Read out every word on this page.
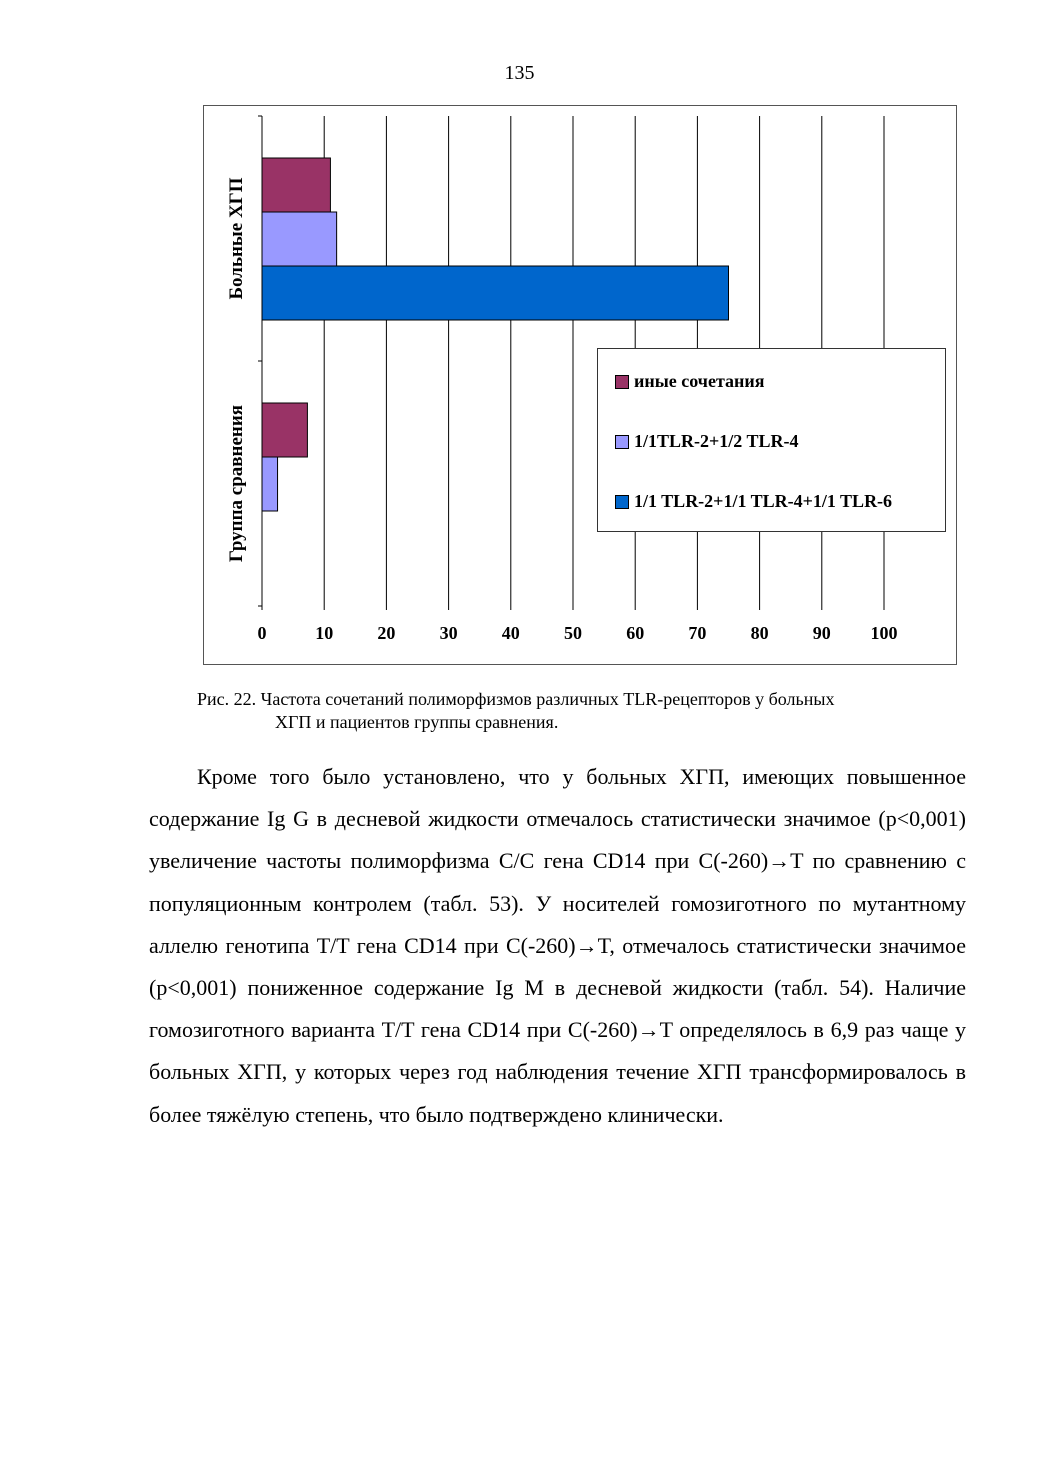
135
0	10 20 30 40 50 60 70 80 90 100
Больные ХГП
Группа сравнения
иные сочетания
1/1TLR-2+1/2 TLR-4
1/1 TLR-2+1/1 TLR-4+1/1 TLR-6
Рис. 22. Частота сочетаний полиморфизмов различных TLR-рецепторов у больных
ХГП и пациентов группы сравнения.

Кроме того было установлено, что у больных ХГП, имеющих повышенное содержание Ig G в десневой жидкости отмечалось статистически значимое (p<0,001) увеличение частоты полиморфизма C/C гена CD14 при C(-260)→T по сравнению с популяционным контролем (табл. 53). У носителей гомозиготного по мутантному аллелю генотипа T/T гена CD14 при C(-260)→T, отмечалось статистически значимое (p<0,001) пониженное содержание Ig M в десневой жидкости (табл. 54). Наличие гомозиготного варианта T/T гена CD14 при C(-260)→T определялось в 6,9 раз чаще у больных ХГП, у которых через год наблюдения течение ХГП трансформировалось в более тяжёлую степень, что было подтверждено клинически.
